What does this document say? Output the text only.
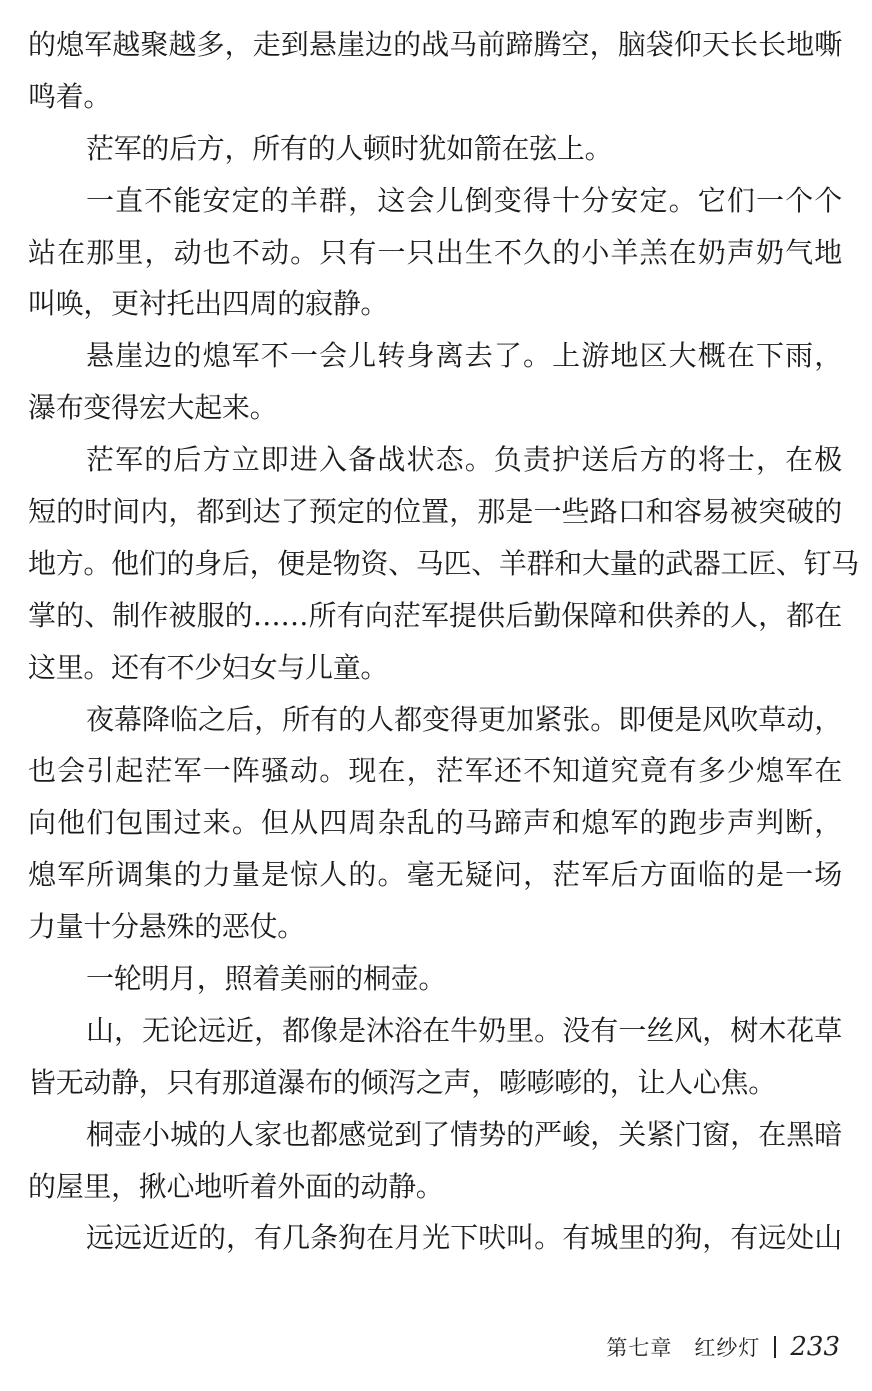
的熄军越聚越多，走到悬崖边的战马前蹄腾空，脑袋仰天长长地嘶
鸣着。
茫军的后方，所有的人顿时犹如箭在弦上。
一直不能安定的羊群，这会儿倒变得十分安定。它们一个个
站在那里，动也不动。只有一只出生不久的小羊羔在奶声奶气地
叫唤，更衬托出四周的寂静。
悬崖边的熄军不一会儿转身离去了。上游地区大概在下雨，
瀑布变得宏大起来。
茫军的后方立即进入备战状态。负责护送后方的将士，在极
短的时间内，都到达了预定的位置，那是一些路口和容易被突破的
地方。他们的身后，便是物资、马匹、羊群和大量的武器工匠、钉马
掌的、制作被服的……所有向茫军提供后勤保障和供养的人，都在
这里。还有不少妇女与儿童。
夜幕降临之后，所有的人都变得更加紧张。即便是风吹草动，
也会引起茫军一阵骚动。现在，茫军还不知道究竟有多少熄军在
向他们包围过来。但从四周杂乱的马蹄声和熄军的跑步声判断，
熄军所调集的力量是惊人的。毫无疑问，茫军后方面临的是一场
力量十分悬殊的恶仗。
一轮明月，照着美丽的桐壶。
山，无论远近，都像是沐浴在牛奶里。没有一丝风，树木花草
皆无动静，只有那道瀑布的倾泻之声，嘭嘭嘭的，让人心焦。
桐壶小城的人家也都感觉到了情势的严峻，关紧门窗，在黑暗
的屋里，揪心地听着外面的动静。
远远近近的，有几条狗在月光下吠叫。有城里的狗，有远处山
第七章　红纱灯 233
